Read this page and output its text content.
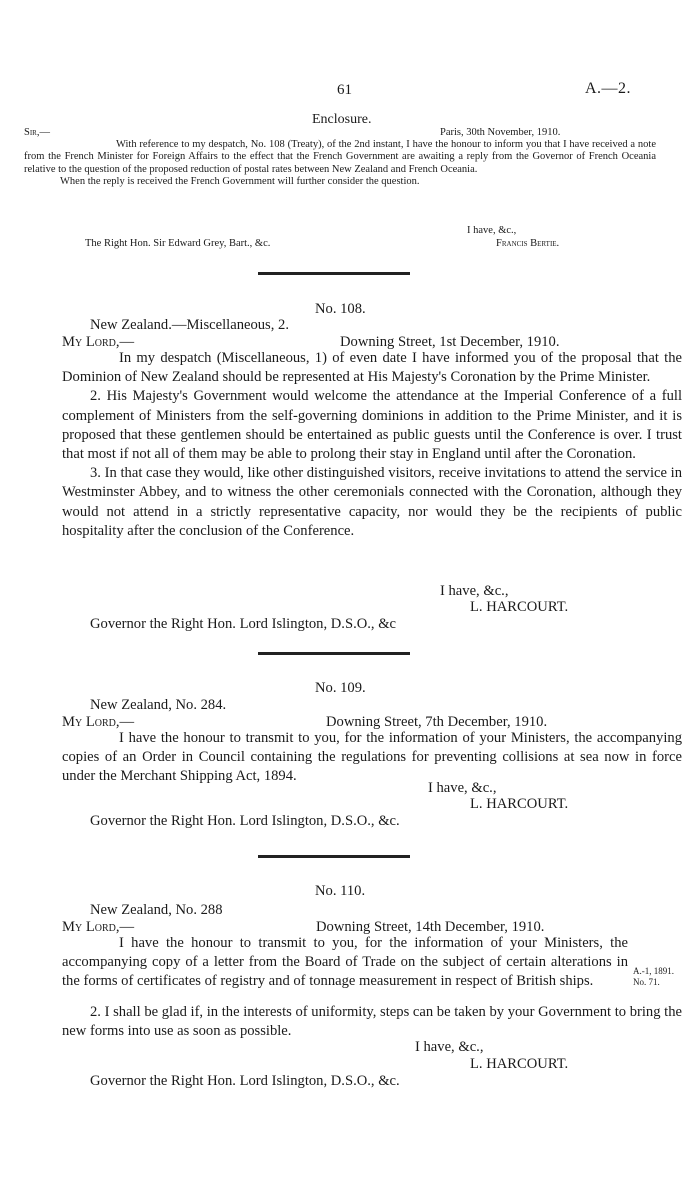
61	A.—2.
Enclosure.
Sir,—	Paris, 30th November, 1910.

With reference to my despatch, No. 108 (Treaty), of the 2nd instant, I have the honour to inform you that I have received a note from the French Minister for Foreign Affairs to the effect that the French Government are awaiting a reply from the Governor of French Oceania relative to the question of the proposed reduction of postal rates between New Zealand and French Oceania.

When the reply is received the French Government will further consider the question.

I have, &c.,
The Right Hon. Sir Edward Grey, Bart., &c.	Francis Bertie.
No. 108.
New Zealand.—Miscellaneous, 2.
My Lord,—	Downing Street, 1st December, 1910.

In my despatch (Miscellaneous, 1) of even date I have informed you of the proposal that the Dominion of New Zealand should be represented at His Majesty's Coronation by the Prime Minister.

2. His Majesty's Government would welcome the attendance at the Imperial Conference of a full complement of Ministers from the self-governing dominions in addition to the Prime Minister, and it is proposed that these gentlemen should be entertained as public guests until the Conference is over. I trust that most if not all of them may be able to prolong their stay in England until after the Coronation.

3. In that case they would, like other distinguished visitors, receive invitations to attend the service in Westminster Abbey, and to witness the other ceremonials connected with the Coronation, although they would not attend in a strictly representative capacity, nor would they be the recipients of public hospitality after the conclusion of the Conference.

I have, &c.,
L. HARCOURT.
Governor the Right Hon. Lord Islington, D.S.O., &c
No. 109.
New Zealand, No. 284.
My Lord,—	Downing Street, 7th December, 1910.

I have the honour to transmit to you, for the information of your Ministers, the accompanying copies of an Order in Council containing the regulations for preventing collisions at sea now in force under the Merchant Shipping Act, 1894.

I have, &c.,
L. HARCOURT.
Governor the Right Hon. Lord Islington, D.S.O., &c.
No. 110.
New Zealand, No. 288
My Lord,—	Downing Street, 14th December, 1910.

I have the honour to transmit to you, for the information of your Ministers, the accompanying copy of a letter from the Board of Trade on the subject of certain alterations in the forms of certificates of registry and of tonnage measurement in respect of British ships.

2. I shall be glad if, in the interests of uniformity, steps can be taken by your Government to bring the new forms into use as soon as possible.

A.-1, 1891.
No. 71.
I have, &c.,
L. HARCOURT.
Governor the Right Hon. Lord Islington, D.S.O., &c.
